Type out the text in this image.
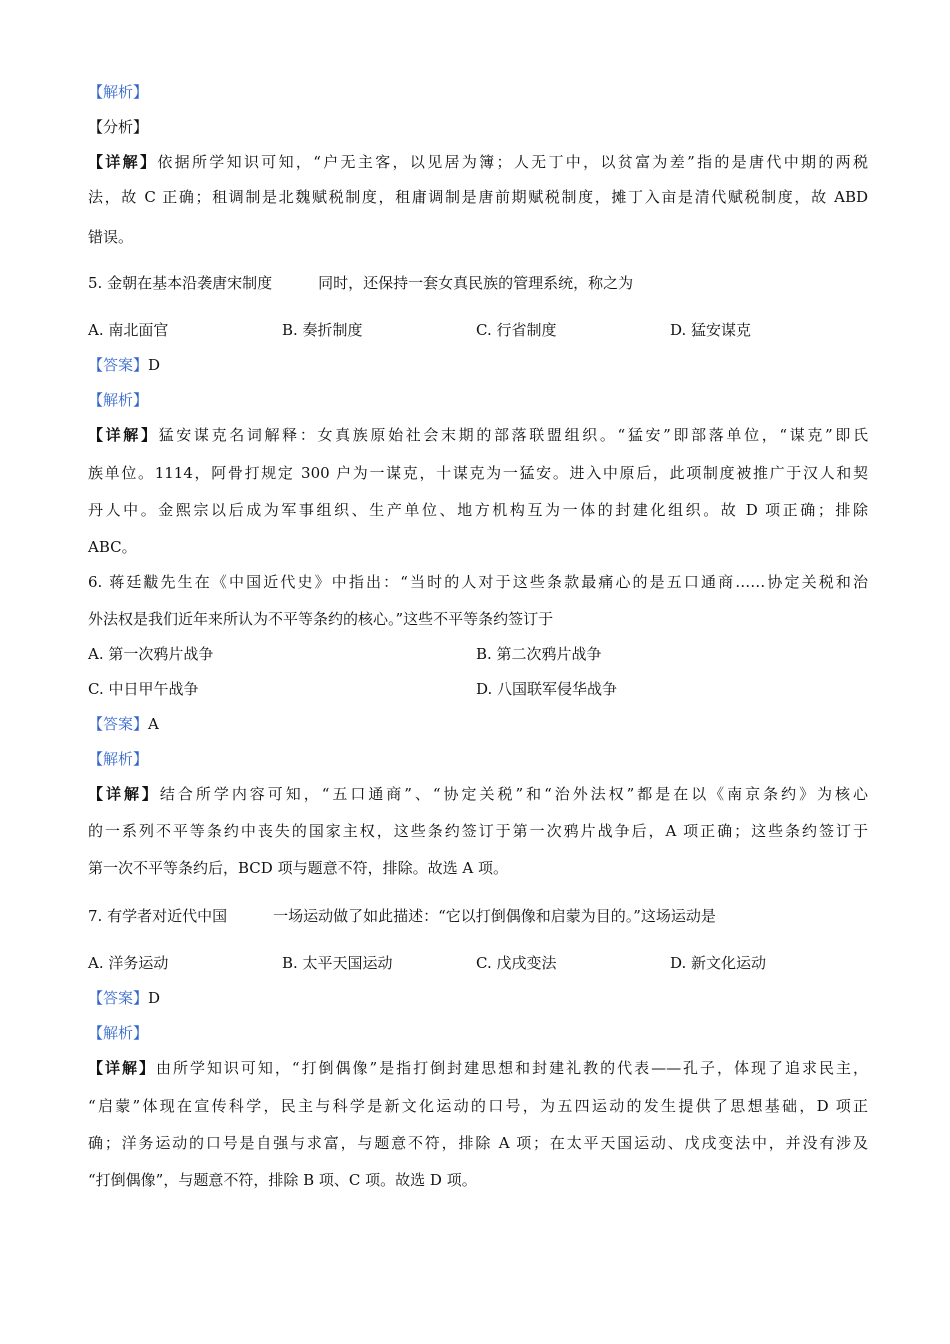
【解析】
【分析】
【详解】依据所学知识可知，“户无主客，以见居为簿；人无丁中，以贫富为差”指的是唐代中期的两税
法，故 C 正确；租调制是北魏赋税制度，租庸调制是唐前期赋税制度，摊丁入亩是清代赋税制度，故 ABD
错误。
5. 金朝在基本沿袭唐宋制度	同时，还保持一套女真民族的管理系统，称之为
A. 南北面官	B. 奏折制度	C. 行省制度	D. 猛安谋克
【答案】D
【解析】
【详解】猛安谋克名词解释：女真族原始社会末期的部落联盟组织。“猛安”即部落单位，“谋克”即氏
族单位。1114，阿骨打规定 300 户为一谋克，十谋克为一猛安。进入中原后，此项制度被推广于汉人和契
丹人中。金熙宗以后成为军事组织、生产单位、地方机构互为一体的封建化组织。故 D 项正确；排除
ABC。
6. 蒋廷黻先生在《中国近代史》中指出：“当时的人对于这些条款最痛心的是五口通商……协定关税和治
外法权是我们近年来所认为不平等条约的核心。”这些不平等条约签订于
A. 第一次鸦片战争	B. 第二次鸦片战争
C. 中日甲午战争	D. 八国联军侵华战争
【答案】A
【解析】
【详解】结合所学内容可知，“五口通商”、“协定关税”和“治外法权”都是在以《南京条约》为核心
的一系列不平等条约中丧失的国家主权，这些条约签订于第一次鸦片战争后，A 项正确；这些条约签订于
第一次不平等条约后，BCD 项与题意不符，排除。故选 A 项。
7. 有学者对近代中国	一场运动做了如此描述：“它以打倒偶像和启蒙为目的。”这场运动是
A. 洋务运动	B. 太平天国运动	C. 戊戌变法	D. 新文化运动
【答案】D
【解析】
【详解】由所学知识可知，“打倒偶像”是指打倒封建思想和封建礼教的代表——孔子，体现了追求民主，
“启蒙”体现在宣传科学，民主与科学是新文化运动的口号，为五四运动的发生提供了思想基础，D 项正
确；洋务运动的口号是自强与求富，与题意不符，排除 A 项；在太平天国运动、戊戌变法中，并没有涉及
“打倒偶像”，与题意不符，排除 B 项、C 项。故选 D 项。
